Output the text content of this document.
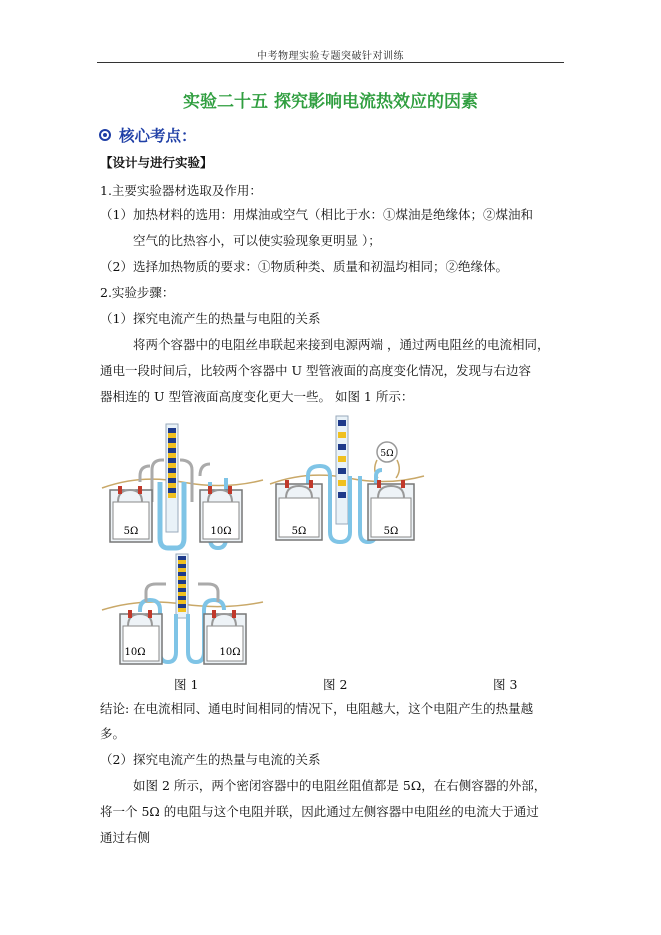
中考物理实验专题突破针对训练
实验二十五 探究影响电流热效应的因素
核心考点：
【设计与进行实验】
1.主要实验器材选取及作用：
（1）加热材料的选用：用煤油或空气（相比于水：①煤油是绝缘体；②煤油和
空气的比热容小，可以使实验现象更明显 ）；
（2）选择加热物质的要求：①物质种类、质量和初温均相同；②绝缘体。
2.实验步骤：
（1）探究电流产生的热量与电阻的关系
将两个容器中的电阻丝串联起来接到电源两端 ，通过两电阻丝的电流相同，
通电一段时间后，比较两个容器中 U 型管液面的高度变化情况，发现与右边容
器相连的 U 型管液面高度变化更大一些。 如图 1 所示：
5Ω	10Ω
5Ω
5Ω	5Ω
10Ω	10Ω
图 1	图 2	图 3
结论: 在电流相同、通电时间相同的情况下，电阻越大，这个电阻产生的热量越
多。
（2）探究电流产生的热量与电流的关系
如图 2 所示，两个密闭容器中的电阻丝阻值都是 5Ω，在右侧容器的外部，
将一个 5Ω 的电阻与这个电阻并联，因此通过左侧容器中电阻丝的电流大于通过
通过右侧
